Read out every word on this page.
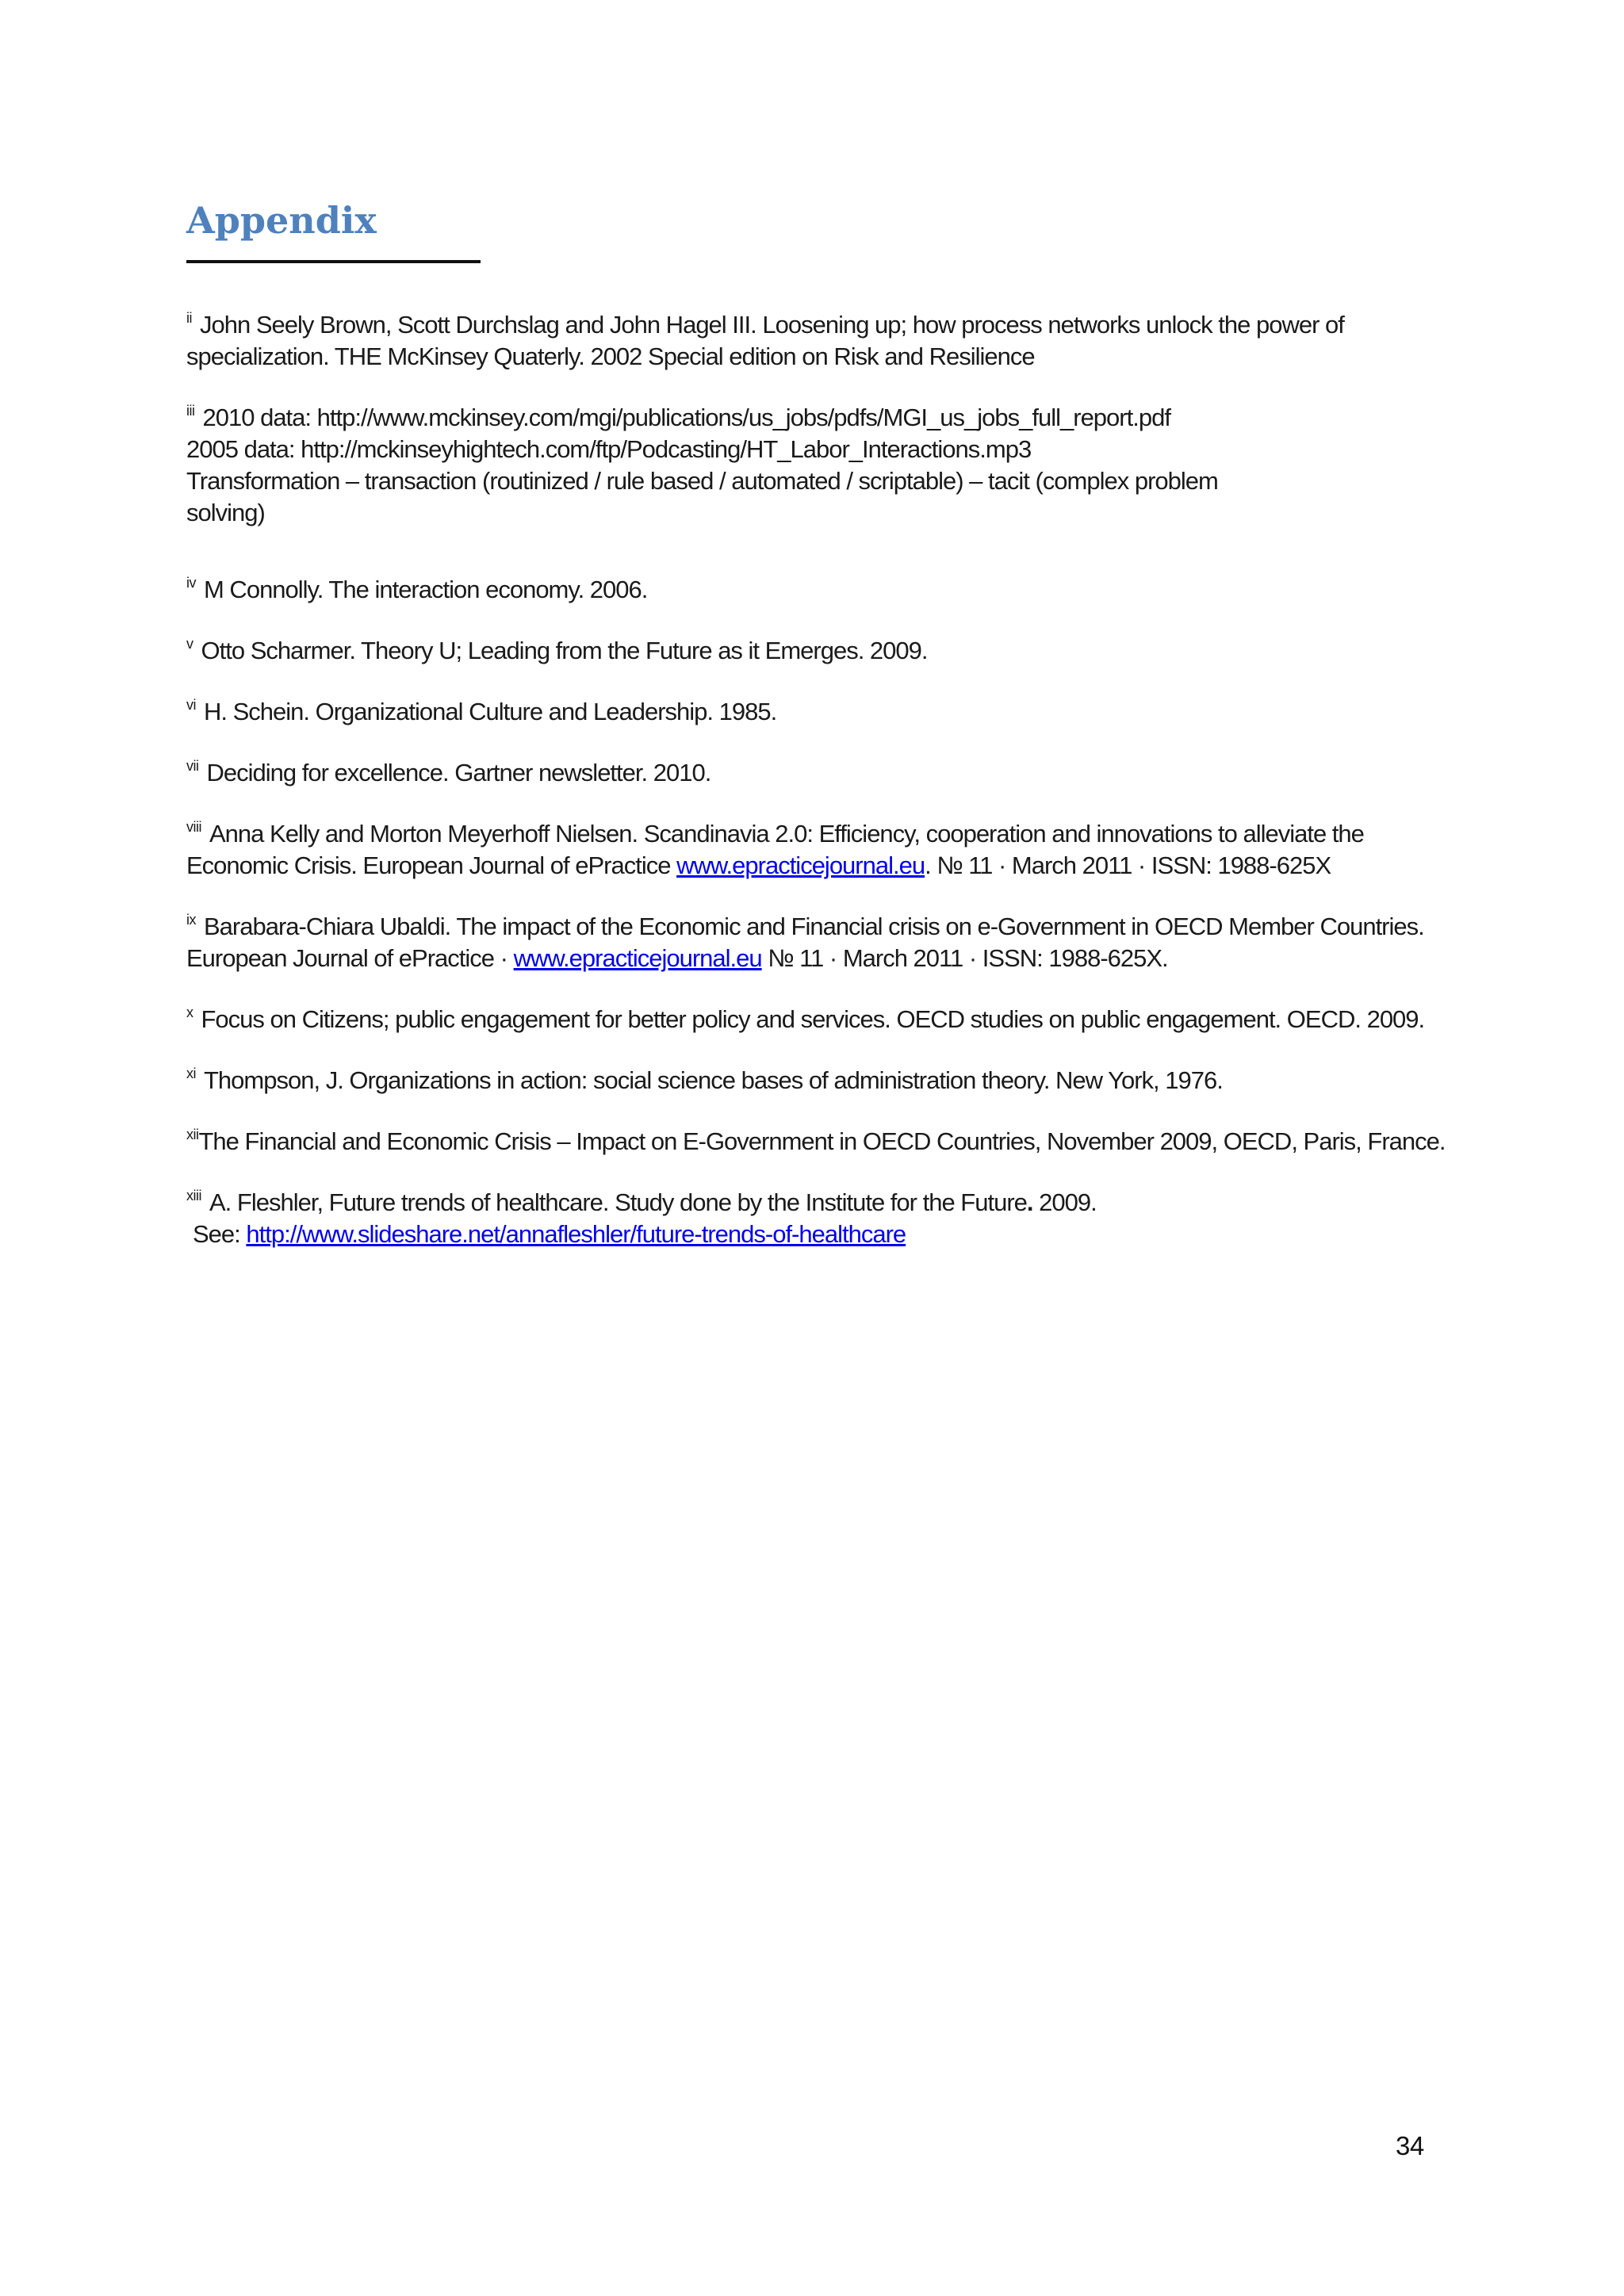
Appendix

$^{ii}$ John Seely Brown, Scott Durchslag and John Hagel III. Loosening up; how process networks unlock the power of
specialization. THE McKinsey Quaterly. 2002 Special edition on Risk and Resilience

$^{iii}$ 2010 data: http://www.mckinsey.com/mgi/publications/us_jobs/pdfs/MGI_us_jobs_full_report.pdf
2005 data: http://mckinseyhightech.com/ftp/Podcasting/HT_Labor_Interactions.mp3
Transformation – transaction (routinized / rule based / automated / scriptable) – tacit (complex problem
solving)

$^{iv}$ M Connolly. The interaction economy. 2006.

$^v$ Otto Scharmer. Theory U; Leading from the Future as it Emerges. 2009.

$^{vi}$ H. Schein. Organizational Culture and Leadership. 1985.

$^{vii}$ Deciding for excellence. Gartner newsletter. 2010.

$^{viii}$ Anna Kelly and Morton Meyerhoff Nielsen. Scandinavia 2.0: Efficiency, cooperation and innovations to alleviate the
Economic Crisis. European Journal of ePractice www.epracticejournal.eu. № 11 · March 2011 · ISSN: 1988-625X

$^{ix}$ Barabara-Chiara Ubaldi. The impact of the Economic and Financial crisis on e-Government in OECD Member Countries.
European Journal of ePractice · www.epracticejournal.eu № 11 · March 2011 · ISSN: 1988-625X.

$^x$ Focus on Citizens; public engagement for better policy and services. OECD studies on public engagement. OECD. 2009.

$^{xi}$ Thompson, J. Organizations in action: social science bases of administration theory. New York, 1976.

$^{xii}$The Financial and Economic Crisis – Impact on E-Government in OECD Countries, November 2009, OECD, Paris, France.

$^{xiii}$ A. Fleshler, Future trends of healthcare. Study done by the Institute for the Future. 2009.
See: http://www.slideshare.net/annafleshler/future-trends-of-healthcare

34
